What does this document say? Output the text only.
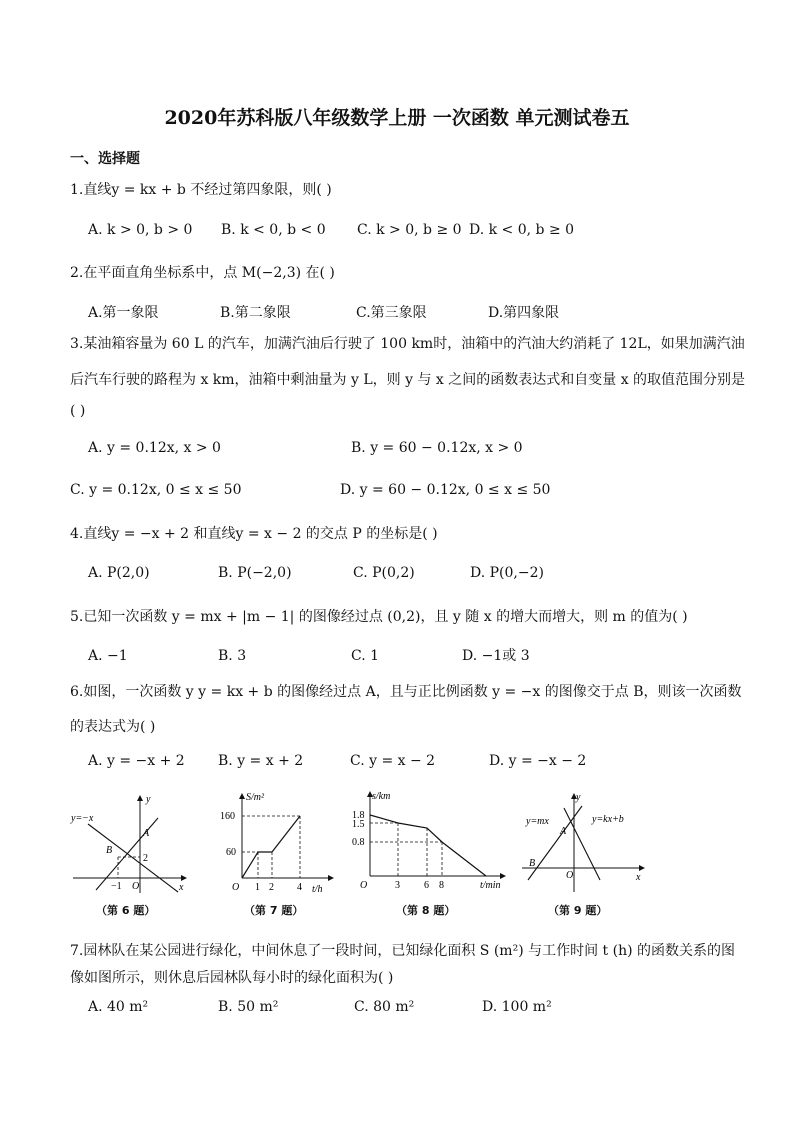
2020年苏科版八年级数学上册 一次函数 单元测试卷五
一、选择题
1.直线y = kx + b 不经过第四象限，则( )
A. k > 0, b > 0 B. k < 0, b < 0 C. k > 0, b ≥ 0 D. k < 0, b ≥ 0
2.在平面直角坐标系中，点 M(−2,3) 在( )
A.第一象限	B.第二象限	C.第三象限	D.第四象限
3.某油箱容量为 60 L 的汽车，加满汽油后行驶了 100 km时，油箱中的汽油大约消耗了 12L，如果加满汽油
后汽车行驶的路程为 x km，油箱中剩油量为 y L，则 y 与 x 之间的函数表达式和自变量 x 的取值范围分别是
( )
A. y = 0.12x, x > 0	B. y = 60 − 0.12x, x > 0
C. y = 0.12x, 0 ≤ x ≤ 50	D. y = 60 − 0.12x, 0 ≤ x ≤ 50
4.直线y = −x + 2 和直线y = x − 2 的交点 P 的坐标是( )
A. P(2,0)	B. P(−2,0)	C. P(0,2)	D. P(0,−2)
5.已知一次函数 y = mx + |m − 1| 的图像经过点 (0,2)，且 y 随 x 的增大而增大，则 m 的值为( )
A. −1	B. 3	C. 1	D. −1或 3
6.如图，一次函数 y y = kx + b 的图像经过点 A，且与正比例函数 y = −x 的图像交于点 B，则该一次函数
的表达式为( )
A. y = −x + 2 B. y = x + 2	C. y = x − 2	D. y = −x − 2
y=−x
y
x
A
B
2
−1 O
（第 6 题）
S/m²
t/h
160
60
1 2 4
O
（第 7 题）
s/km
t/min
1.8
1.5
0.8
3 6 8
O
（第 8 题）
y=mx	y=kx+b
y
x
A
B
O
（第 9 题）
7.园林队在某公园进行绿化，中间休息了一段时间，已知绿化面积 S (m²) 与工作时间 t (h) 的函数关系的图
像如图所示，则休息后园林队每小时的绿化面积为( )
A. 40 m²	B. 50 m²	C. 80 m²	D. 100 m²
